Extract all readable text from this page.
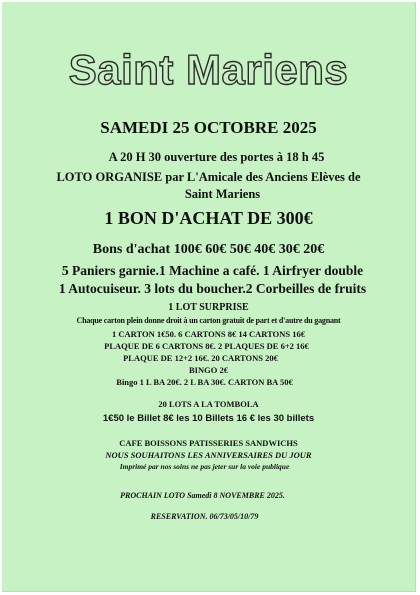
Saint Mariens
SAMEDI 25 OCTOBRE 2025
A 20 H 30 ouverture des portes à 18 h 45
LOTO ORGANISE par L'Amicale des Anciens Elèves de
Saint Mariens
1 BON D'ACHAT DE 300€
Bons d'achat 100€ 60€ 50€ 40€ 30€ 20€
5 Paniers garnie.1 Machine a café. 1 Airfryer double
1 Autocuiseur. 3 lots du boucher.2 Corbeilles de fruits
1 LOT SURPRISE
Chaque carton plein donne droit à un carton gratuit de part et d'autre du gagnant
1 CARTON 1€50. 6 CARTONS 8€ 14 CARTONS 16€
PLAQUE DE 6 CARTONS 8€. 2 PLAQUES DE 6+2 16€
PLAQUE DE 12+2 16€. 20 CARTONS 20€
BINGO 2€
Bingo 1 L BA 20€. 2 L BA 30€. CARTON BA 50€
20 LOTS A LA TOMBOLA
1€50 le Billet 8€ les 10 Billets 16 € les 30 billets
CAFE BOISSONS PATISSERIES SANDWICHS
NOUS SOUHAITONS LES ANNIVERSAIRES DU JOUR
Imprimé par nos soins ne pas jeter sur la voie publique
PROCHAIN LOTO Samedi 8 NOVEMBRE 2025.
RESERVATION. 06/73/05/10/79
